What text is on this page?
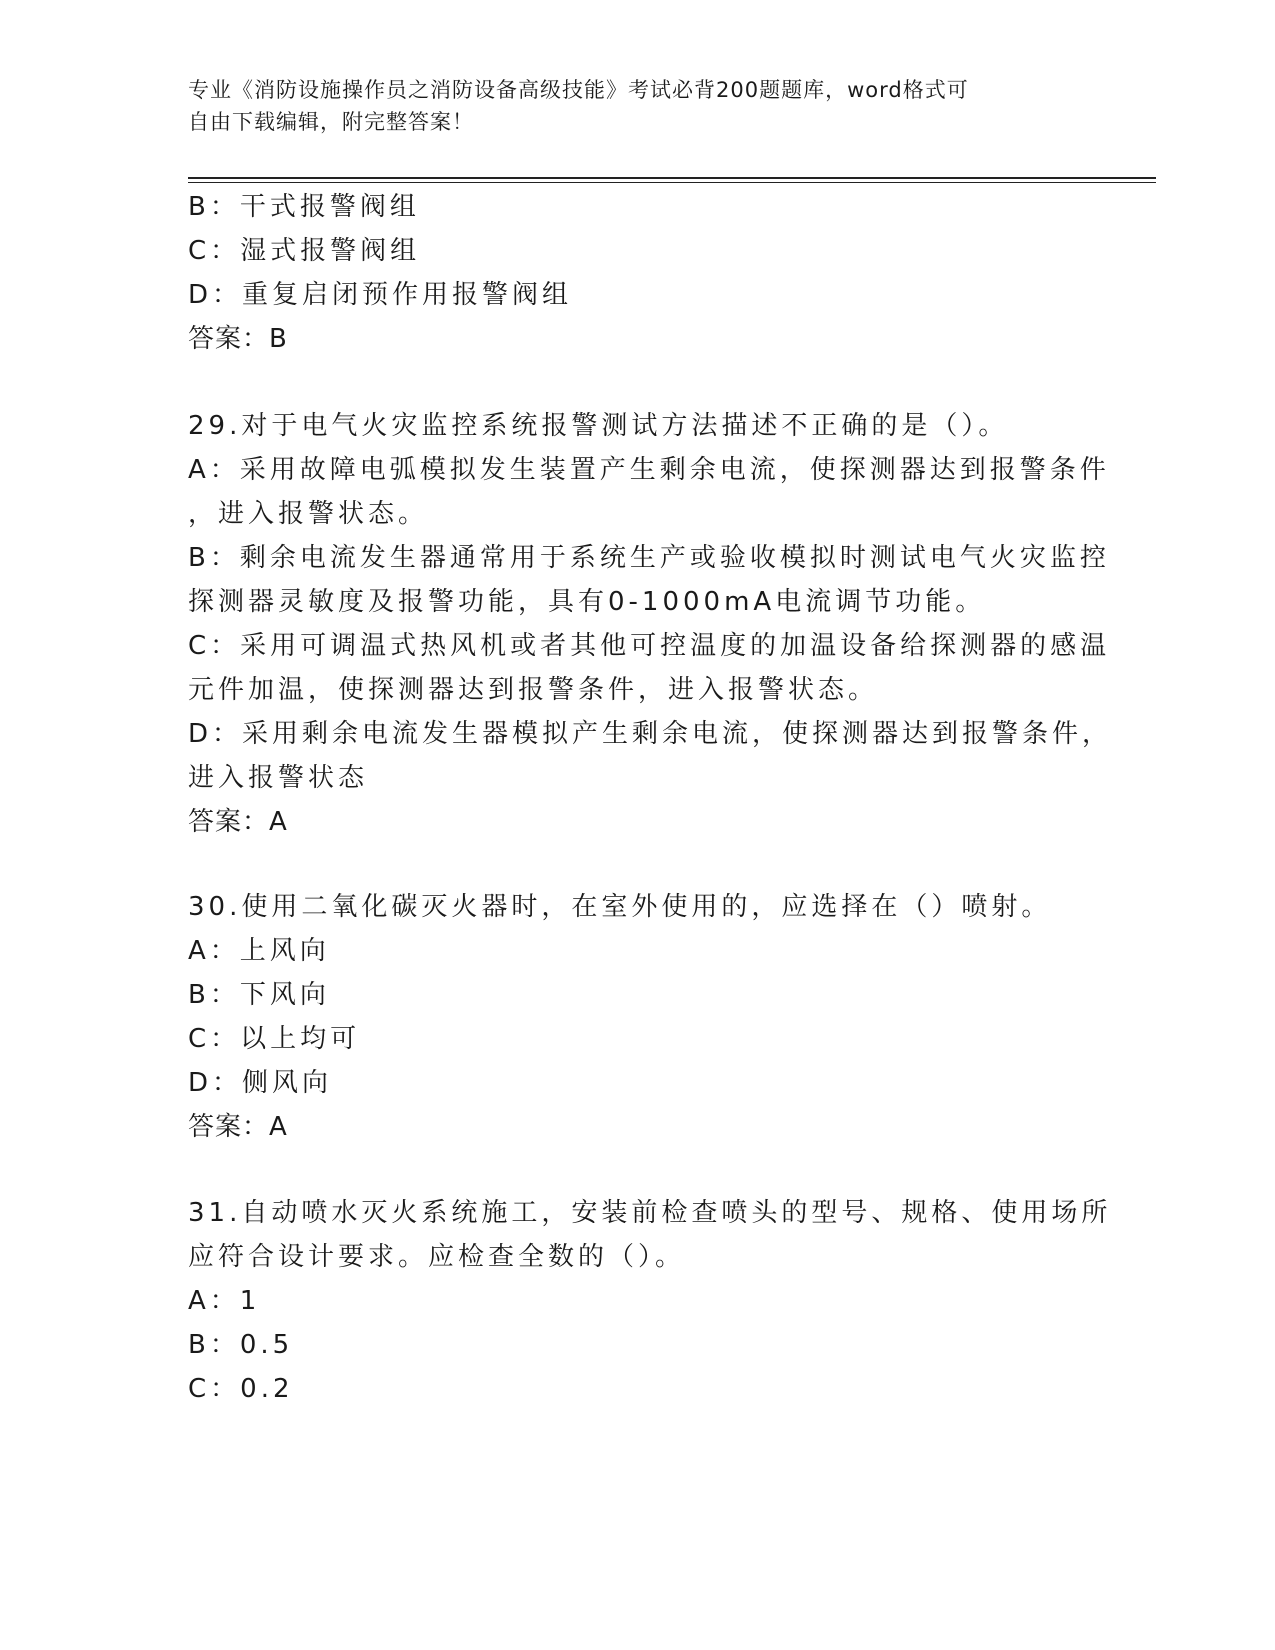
专业《消防设施操作员之消防设备高级技能》考试必背200题题库，word格式可
自由下载编辑，附完整答案！
B：干式报警阀组
C：湿式报警阀组
D：重复启闭预作用报警阀组
答案：B
29.对于电气火灾监控系统报警测试方法描述不正确的是（）。
A：采用故障电弧模拟发生装置产生剩余电流，使探测器达到报警条件
，进入报警状态。
B：剩余电流发生器通常用于系统生产或验收模拟时测试电气火灾监控
探测器灵敏度及报警功能，具有0-1000mA电流调节功能。
C：采用可调温式热风机或者其他可控温度的加温设备给探测器的感温
元件加温，使探测器达到报警条件，进入报警状态。
D：采用剩余电流发生器模拟产生剩余电流，使探测器达到报警条件，
进入报警状态
答案：A
30.使用二氧化碳灭火器时，在室外使用的，应选择在（）喷射。
A：上风向
B：下风向
C：以上均可
D：侧风向
答案：A
31.自动喷水灭火系统施工，安装前检查喷头的型号、规格、使用场所
应符合设计要求。应检查全数的（）。
A：1
B：0.5
C：0.2
